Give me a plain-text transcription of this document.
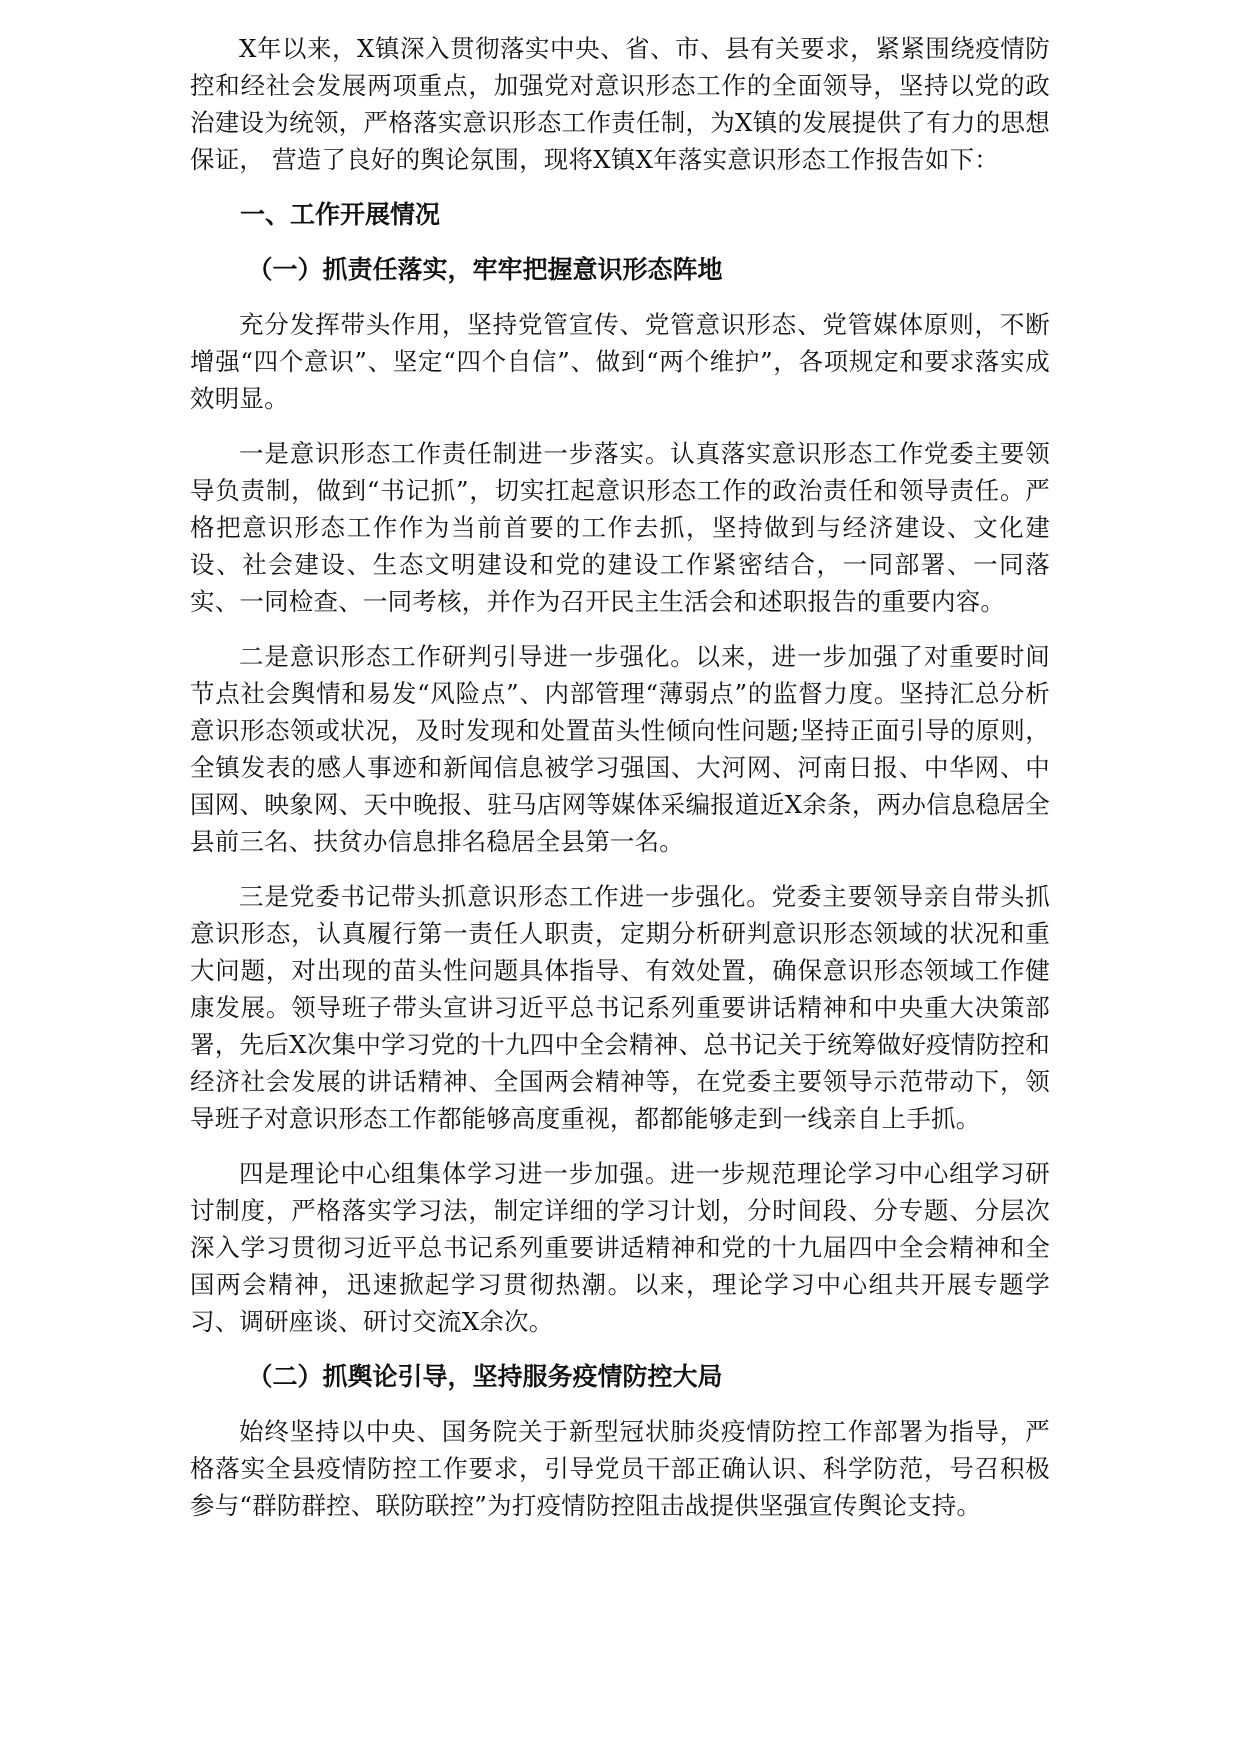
X年以来，X镇深入贯彻落实中央、省、市、县有关要求，紧紧围绕疫情防控和经社会发展两项重点，加强党对意识形态工作的全面领导，坚持以党的政治建设为统领，严格落实意识形态工作责任制，为X镇的发展提供了有力的思想保证， 营造了良好的舆论氛围，现将X镇X年落实意识形态工作报告如下：

一、工作开展情况
（一）抓责任落实，牢牢把握意识形态阵地

充分发挥带头作用，坚持党管宣传、党管意识形态、党管媒体原则，不断增强“四个意识”、坚定“四个自信”、做到“两个维护”，各项规定和要求落实成效明显。

一是意识形态工作责任制进一步落实。认真落实意识形态工作党委主要领导负责制，做到“书记抓”，切实扛起意识形态工作的政治责任和领导责任。严格把意识形态工作作为当前首要的工作去抓，坚持做到与经济建设、文化建设、社会建设、生态文明建设和党的建设工作紧密结合，一同部署、一同落实、一同检查、一同考核，并作为召开民主生活会和述职报告的重要内容。

二是意识形态工作研判引导进一步强化。以来，进一步加强了对重要时间节点社会舆情和易发“风险点”、内部管理“薄弱点”的监督力度。坚持汇总分析意识形态领或状况，及时发现和处置苗头性倾向性问题;坚持正面引导的原则，全镇发表的感人事迹和新闻信息被学习强国、大河网、河南日报、中华网、中国网、映象网、天中晚报、驻马店网等媒体采编报道近X余条，两办信息稳居全县前三名、扶贫办信息排名稳居全县第一名。

三是党委书记带头抓意识形态工作进一步强化。党委主要领导亲自带头抓意识形态，认真履行第一责任人职责，定期分析研判意识形态领域的状况和重大问题，对出现的苗头性问题具体指导、有效处置，确保意识形态领域工作健康发展。领导班子带头宣讲习近平总书记系列重要讲话精神和中央重大决策部署，先后X次集中学习党的十九四中全会精神、总书记关于统筹做好疫情防控和经济社会发展的讲话精神、全国两会精神等，在党委主要领导示范带动下，领导班子对意识形态工作都能够高度重视，都都能够走到一线亲自上手抓。

四是理论中心组集体学习进一步加强。进一步规范理论学习中心组学习研讨制度，严格落实学习法，制定详细的学习计划，分时间段、分专题、分层次深入学习贯彻习近平总书记系列重要讲适精神和党的十九届四中全会精神和全国两会精神，迅速掀起学习贯彻热潮。以来，理论学习中心组共开展专题学习、调研座谈、研讨交流X余次。

（二）抓舆论引导，坚持服务疫情防控大局

始终坚持以中央、国务院关于新型冠状肺炎疫情防控工作部署为指导，严格落实全县疫情防控工作要求，引导党员干部正确认识、科学防范，号召积极参与“群防群控、联防联控”为打疫情防控阻击战提供坚强宣传舆论支持。
